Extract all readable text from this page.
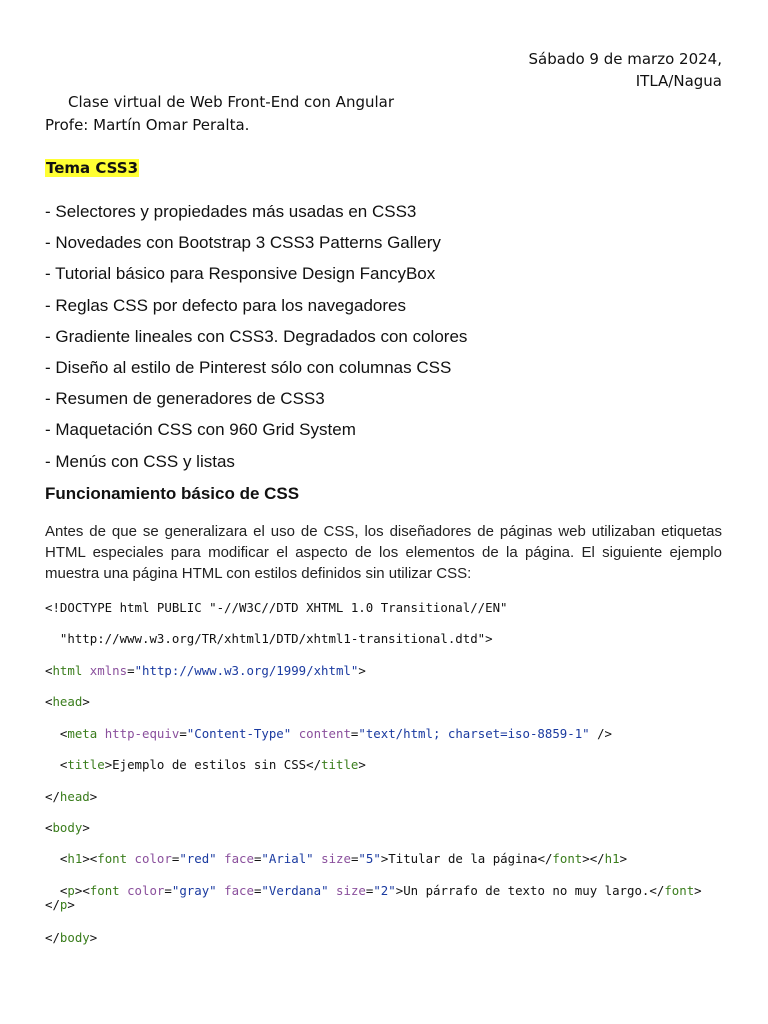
Sábado 9 de marzo 2024,
ITLA/Nagua
Clase virtual de Web Front-End con Angular
Profe: Martín Omar Peralta.
Tema CSS3
- Selectores y propiedades más usadas en CSS3
- Novedades con Bootstrap 3 CSS3 Patterns Gallery
- Tutorial básico para Responsive Design FancyBox
- Reglas CSS por defecto para los navegadores
- Gradiente lineales con CSS3. Degradados con colores
- Diseño al estilo de Pinterest sólo con columnas CSS
- Resumen de generadores de CSS3
- Maquetación CSS con 960 Grid System
- Menús con CSS y listas
Funcionamiento básico de CSS
Antes de que se generalizara el uso de CSS, los diseñadores de páginas web utilizaban etiquetas HTML especiales para modificar el aspecto de los elementos de la página. El siguiente ejemplo muestra una página HTML con estilos definidos sin utilizar CSS:
<!DOCTYPE html PUBLIC "-//W3C//DTD XHTML 1.0 Transitional//EN"
"http://www.w3.org/TR/xhtml1/DTD/xhtml1-transitional.dtd">
<html xmlns="http://www.w3.org/1999/xhtml">
<head>
<meta http-equiv="Content-Type" content="text/html; charset=iso-8859-1" />
<title>Ejemplo de estilos sin CSS</title>
</head>
<body>
<h1><font color="red" face="Arial" size="5">Titular de la página</font></h1>
<p><font color="gray" face="Verdana" size="2">Un párrafo de texto no muy largo.</font></p>
</body>
